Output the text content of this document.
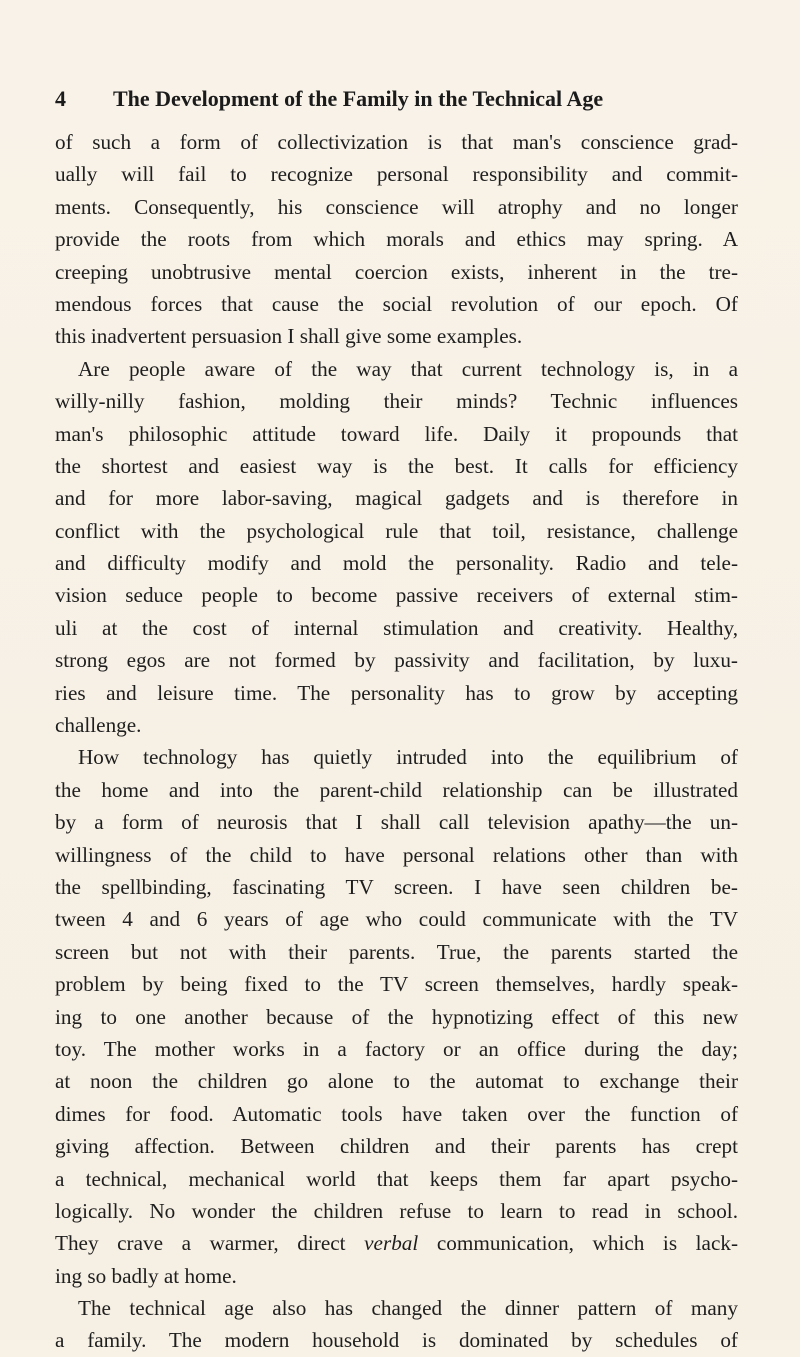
4 The Development of the Family in the Technical Age
of such a form of collectivization is that man's conscience grad-
ually will fail to recognize personal responsibility and commit-
ments. Consequently, his conscience will atrophy and no longer
provide the roots from which morals and ethics may spring. A
creeping unobtrusive mental coercion exists, inherent in the tre-
mendous forces that cause the social revolution of our epoch. Of
this inadvertent persuasion I shall give some examples.
Are people aware of the way that current technology is, in a
willy-nilly fashion, molding their minds? Technic influences
man's philosophic attitude toward life. Daily it propounds that
the shortest and easiest way is the best. It calls for efficiency
and for more labor-saving, magical gadgets and is therefore in
conflict with the psychological rule that toil, resistance, challenge
and difficulty modify and mold the personality. Radio and tele-
vision seduce people to become passive receivers of external stim-
uli at the cost of internal stimulation and creativity. Healthy,
strong egos are not formed by passivity and facilitation, by luxu-
ries and leisure time. The personality has to grow by accepting
challenge.
How technology has quietly intruded into the equilibrium of
the home and into the parent-child relationship can be illustrated
by a form of neurosis that I shall call television apathy—the un-
willingness of the child to have personal relations other than with
the spellbinding, fascinating TV screen. I have seen children be-
tween 4 and 6 years of age who could communicate with the TV
screen but not with their parents. True, the parents started the
problem by being fixed to the TV screen themselves, hardly speak-
ing to one another because of the hypnotizing effect of this new
toy. The mother works in a factory or an office during the day;
at noon the children go alone to the automat to exchange their
dimes for food. Automatic tools have taken over the function of
giving affection. Between children and their parents has crept
a technical, mechanical world that keeps them far apart psycho-
logically. No wonder the children refuse to learn to read in school.
They crave a warmer, direct verbal communication, which is lack-
ing so badly at home.
The technical age also has changed the dinner pattern of many
a family. The modern household is dominated by schedules of
